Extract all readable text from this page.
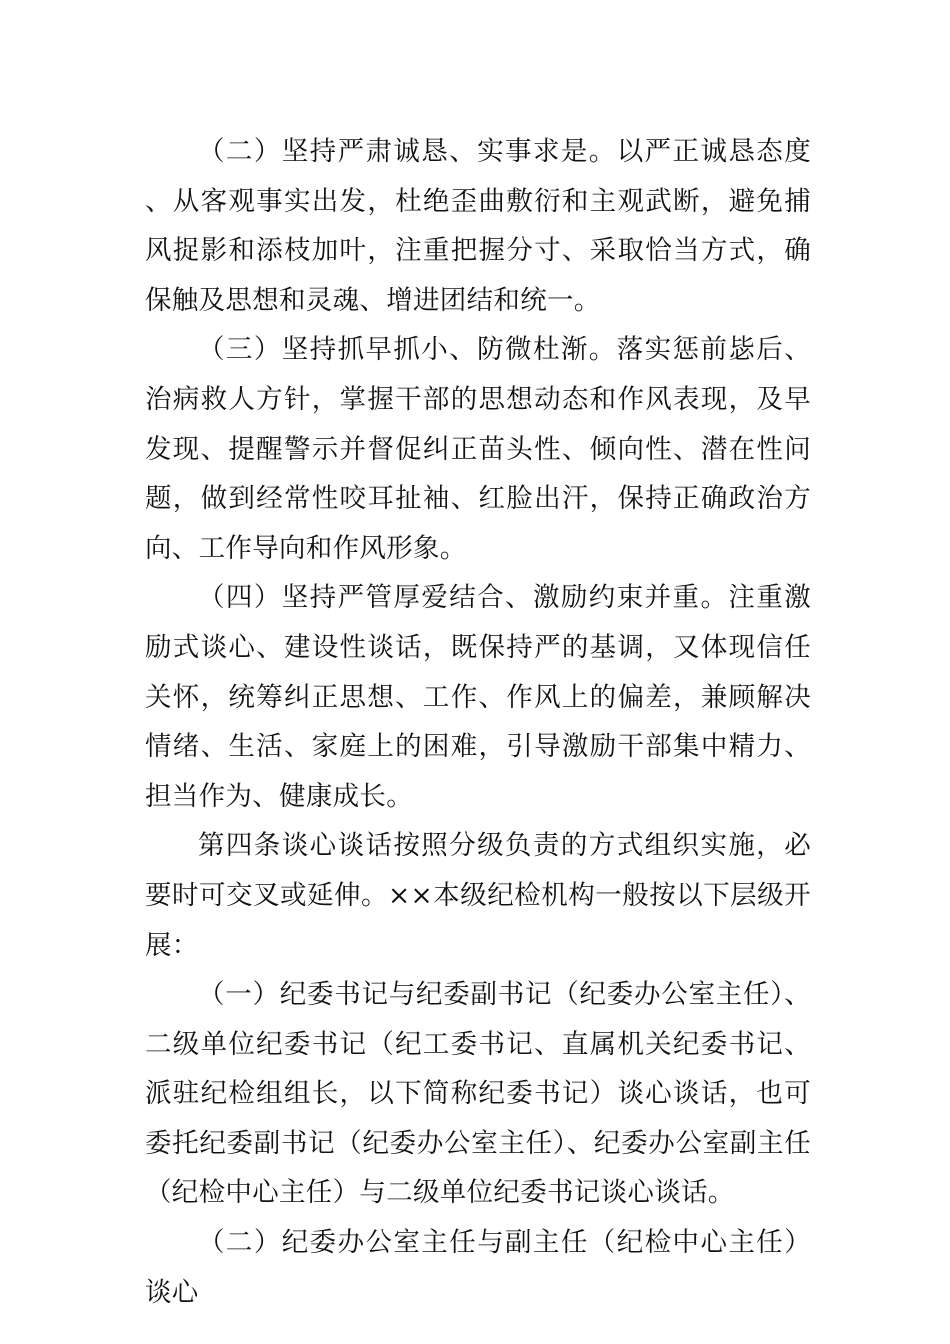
（二）坚持严肃诚恳、实事求是。以严正诚恳态度、从客观事实出发，杜绝歪曲敷衍和主观武断，避免捕风捉影和添枝加叶，注重把握分寸、采取恰当方式，确保触及思想和灵魂、增进团结和统一。

（三）坚持抓早抓小、防微杜渐。落实惩前毖后、治病救人方针，掌握干部的思想动态和作风表现，及早发现、提醒警示并督促纠正苗头性、倾向性、潜在性问题，做到经常性咬耳扯袖、红脸出汗，保持正确政治方向、工作导向和作风形象。

（四）坚持严管厚爱结合、激励约束并重。注重激励式谈心、建设性谈话，既保持严的基调，又体现信任关怀，统筹纠正思想、工作、作风上的偏差，兼顾解决情绪、生活、家庭上的困难，引导激励干部集中精力、担当作为、健康成长。

第四条谈心谈话按照分级负责的方式组织实施，必要时可交叉或延伸。××本级纪检机构一般按以下层级开展：

（一）纪委书记与纪委副书记（纪委办公室主任）、二级单位纪委书记（纪工委书记、直属机关纪委书记、派驻纪检组组长，以下简称纪委书记）谈心谈话，也可委托纪委副书记（纪委办公室主任）、纪委办公室副主任（纪检中心主任）与二级单位纪委书记谈心谈话。

（二）纪委办公室主任与副主任（纪检中心主任）谈心
